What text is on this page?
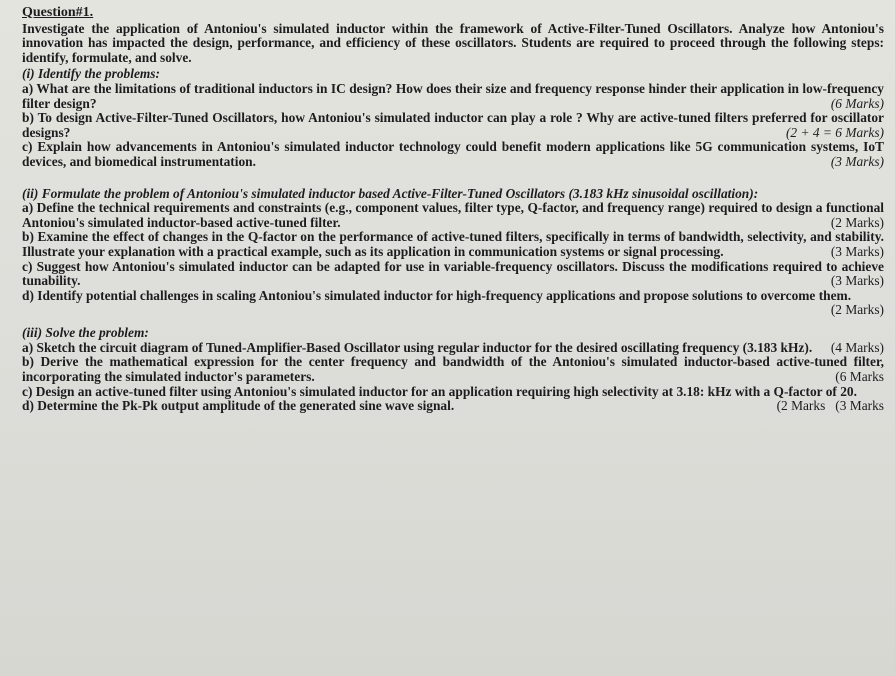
Question#1.
Investigate the application of Antoniou's simulated inductor within the framework of Active-Filter-Tuned Oscillators. Analyze how Antoniou's innovation has impacted the design, performance, and efficiency of these oscillators. Students are required to proceed through the following steps: identify, formulate, and solve.
(i) Identify the problems:
a) What are the limitations of traditional inductors in IC design? How does their size and frequency response hinder their application in low-frequency filter design?	(6 Marks)
b) To design Active-Filter-Tuned Oscillators, how Antoniou's simulated inductor can play a role ? Why are active-tuned filters preferred for oscillator designs?	(2 + 4 = 6 Marks)
c) Explain how advancements in Antoniou's simulated inductor technology could benefit modern applications like 5G communication systems, IoT devices, and biomedical instrumentation.	(3 Marks)
(ii) Formulate the problem of Antoniou's simulated inductor based Active-Filter-Tuned Oscillators (3.183 kHz sinusoidal oscillation):
a) Define the technical requirements and constraints (e.g., component values, filter type, Q-factor, and frequency range) required to design a functional Antoniou's simulated inductor-based active-tuned filter.	(2 Marks)
b) Examine the effect of changes in the Q-factor on the performance of active-tuned filters, specifically in terms of bandwidth, selectivity, and stability. Illustrate your explanation with a practical example, such as its application in communication systems or signal processing.	(3 Marks)
c) Suggest how Antoniou's simulated inductor can be adapted for use in variable-frequency oscillators. Discuss the modifications required to achieve tunability.	(3 Marks)
d) Identify potential challenges in scaling Antoniou's simulated inductor for high-frequency applications and propose solutions to overcome them.
(2 Marks)
(iii) Solve the problem:
a) Sketch the circuit diagram of Tuned-Amplifier-Based Oscillator using regular inductor for the desired oscillating frequency (3.183 kHz). (4 Marks)
b) Derive the mathematical expression for the center frequency and bandwidth of the Antoniou's simulated inductor-based active-tuned filter, incorporating the simulated inductor's parameters.	(6 Marks
c) Design an active-tuned filter using Antoniou's simulated inductor for an application requiring high selectivity at 3.18: kHz with a Q-factor of 20.
(3 Marks
d) Determine the Pk-Pk output amplitude of the generated sine wave signal.	(2 Marks
